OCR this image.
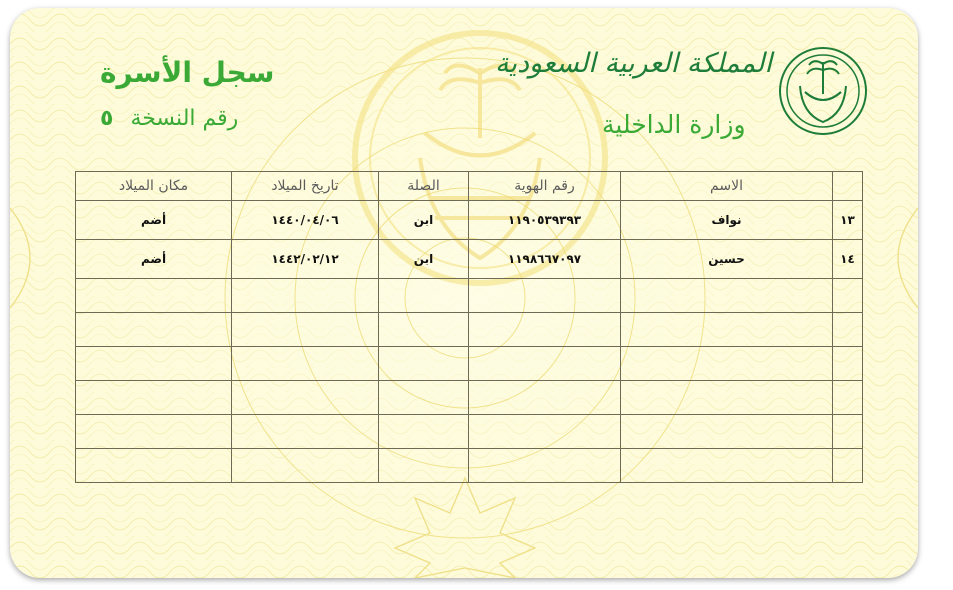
سجل الأسرة
رقم النسخة ٥
المملكة العربية السعودية
وزارة الداخلية
	الاسم	رقم الهوية	الصلة	تاريخ الميلاد	مكان الميلاد
١٣	نواف	١١٩٠٥٣٩٣٩٣	ابن	١٤٤٠/٠٤/٠٦	أضم
١٤	حسين	١١٩٨٦٦٧٠٩٧	ابن	١٤٤٢/٠٢/١٢	أضم
